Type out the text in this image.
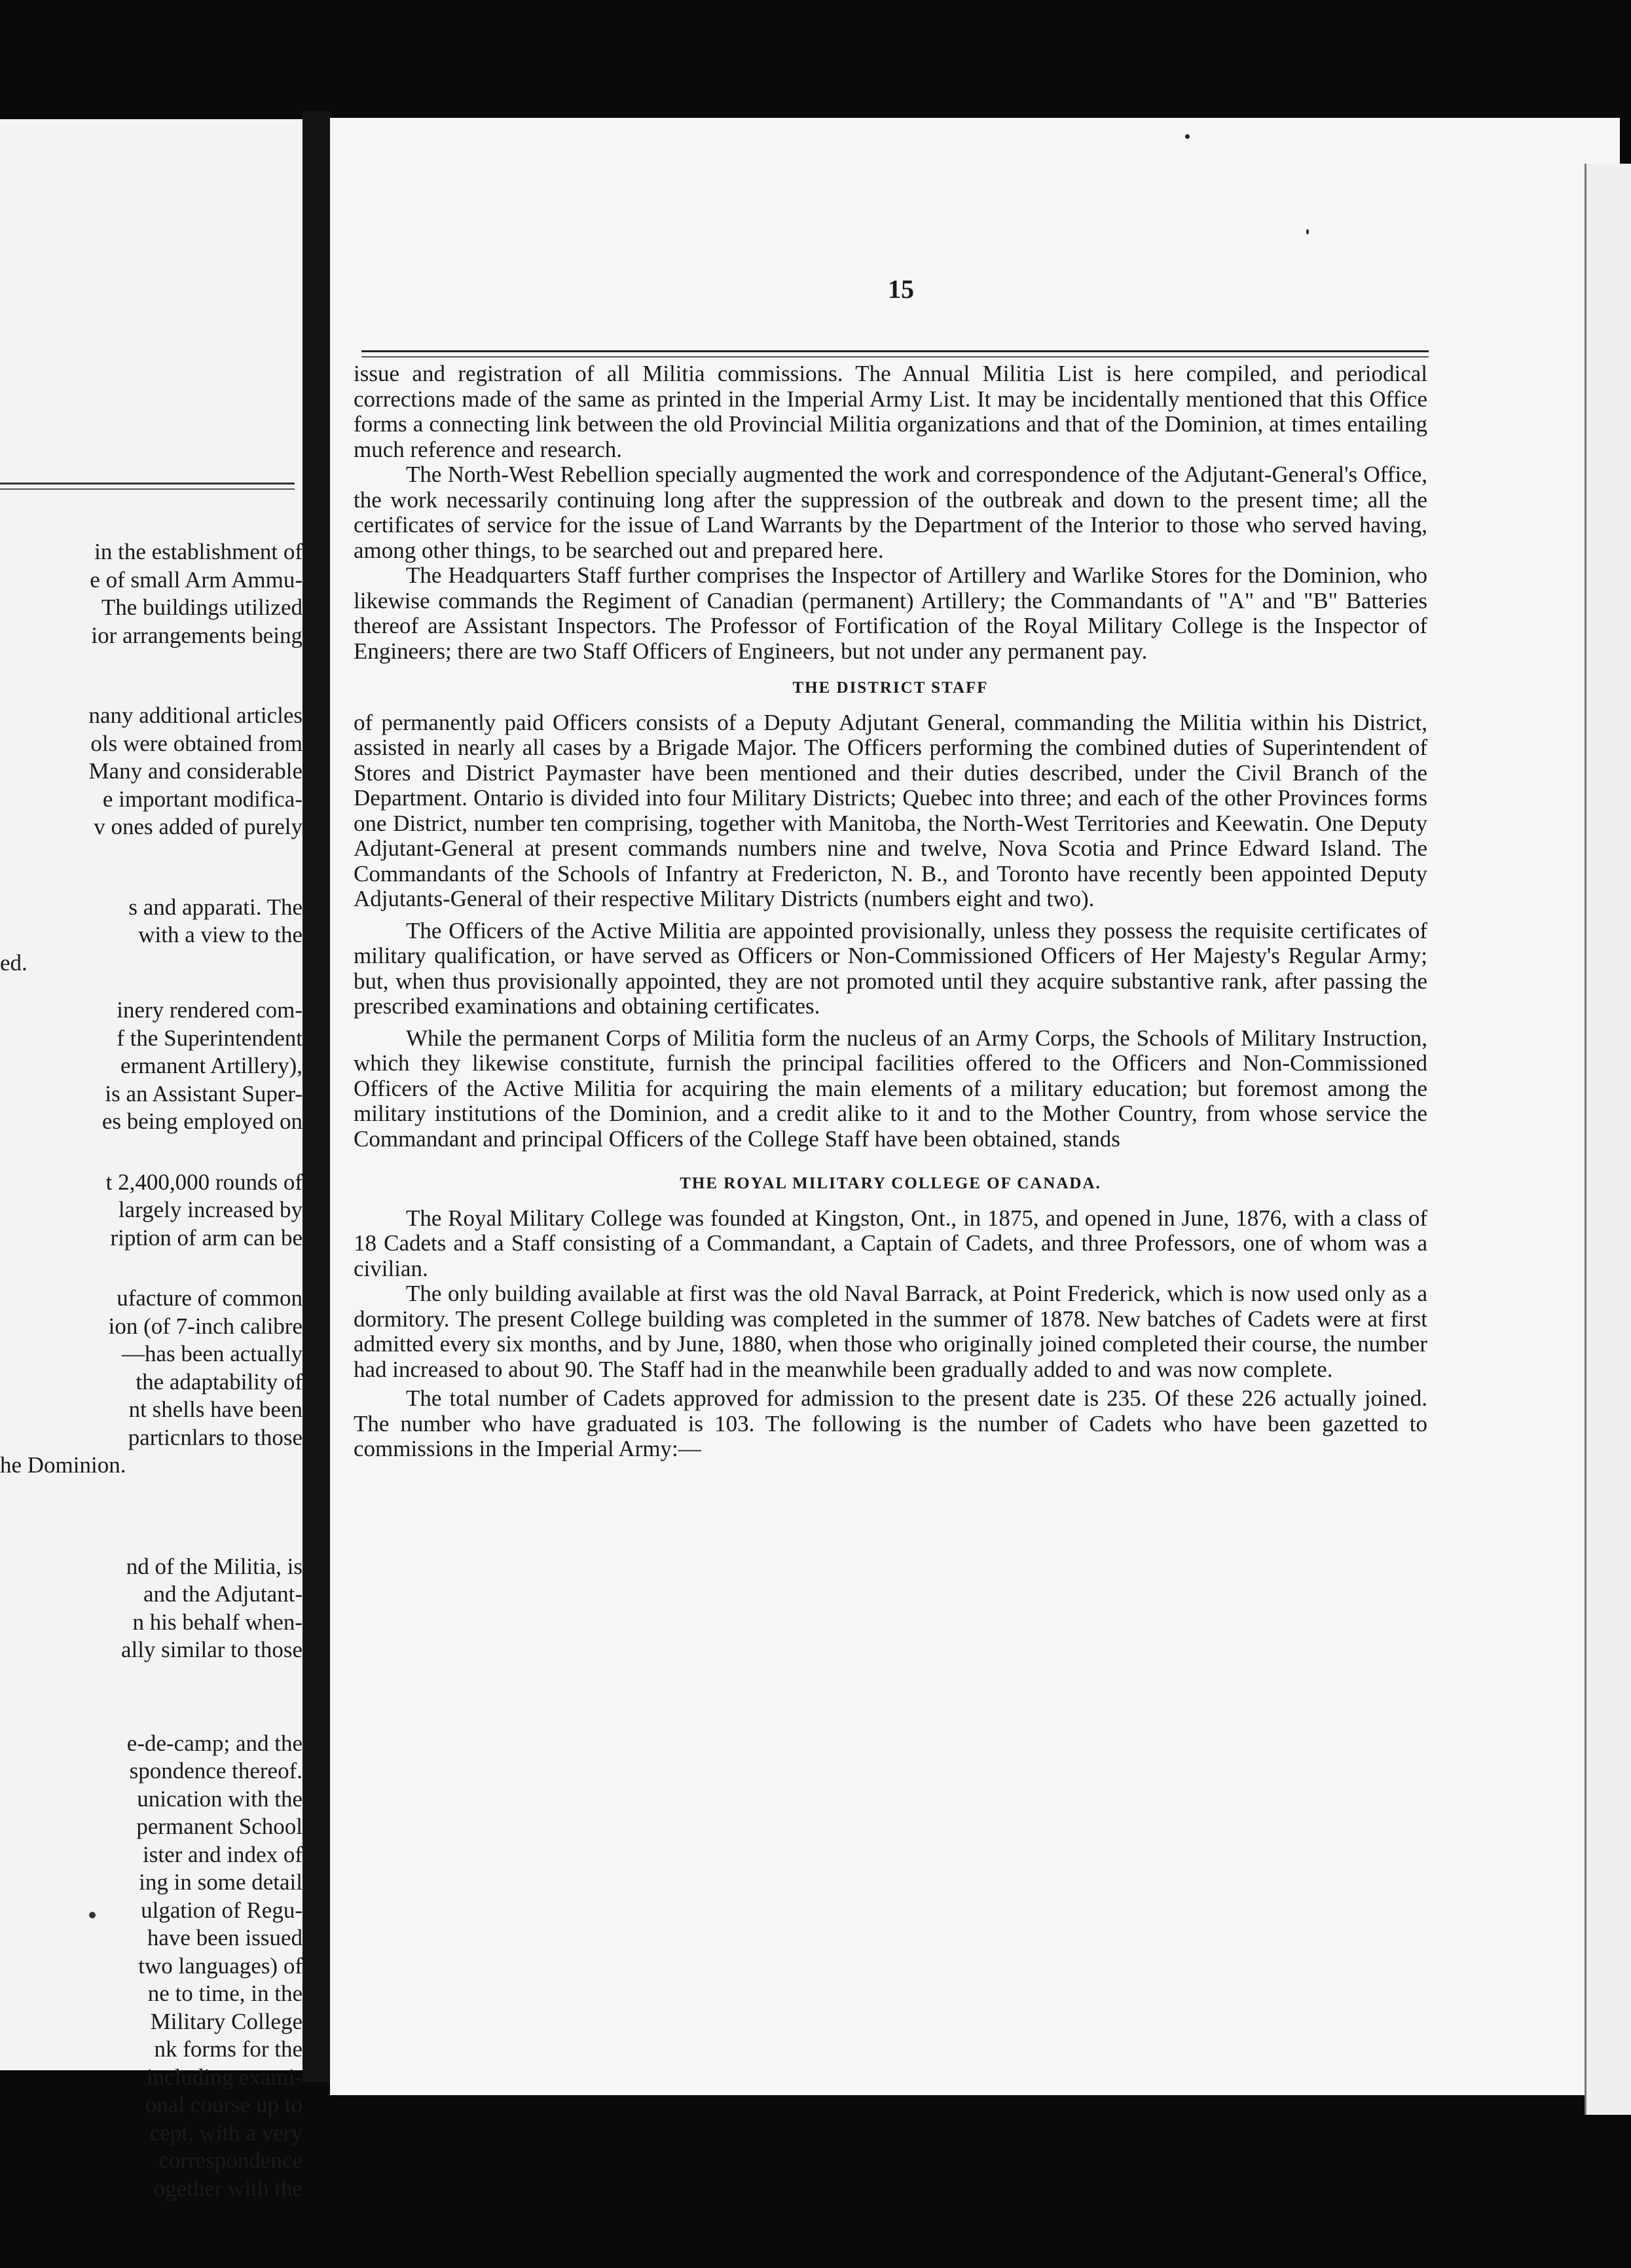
in the establishment of
e of small Arm Ammu-
The buildings utilized
ior arrangements being
nany additional articles
ols were obtained from
Many and considerable
e important modifica-
v ones added of purely
s and apparati. The
with a view to the
ed.
inery rendered com-
f the Superintendent
ermanent Artillery),
is an Assistant Super-
es being employed on
t 2,400,000 rounds of
largely increased by
ription of arm can be
ufacture of common
ion (of 7-inch calibre
—has been actually
the adaptability of
nt shells have been
particnlars to those
he Dominion.
nd of the Militia, is
and the Adjutant-
n his behalf when-
ally similar to those
e-de-camp; and the
spondence thereof.
unication with the
permanent School
ister and index of
ing in some detail
ulgation of Regu-
have been issued
two languages) of
ne to time, in the
Military College
nk forms for the
including exami-
onal course up to
cept, with a very
correspondence
ogether with the
15

issue and registration of all Militia commissions. The Annual Militia List is here compiled, and periodical corrections made of the same as printed in the Imperial Army List. It may be incidentally mentioned that this Office forms a connecting link between the old Provincial Militia organizations and that of the Dominion, at times entailing much reference and research.

The North-West Rebellion specially augmented the work and correspondence of the Adjutant-General's Office, the work necessarily continuing long after the suppression of the outbreak and down to the present time; all the certificates of service for the issue of Land Warrants by the Department of the Interior to those who served having, among other things, to be searched out and prepared here.

The Headquarters Staff further comprises the Inspector of Artillery and Warlike Stores for the Dominion, who likewise commands the Regiment of Canadian (permanent) Artillery; the Commandants of "A" and "B" Batteries thereof are Assistant Inspectors. The Professor of Fortification of the Royal Military College is the Inspector of Engineers; there are two Staff Officers of Engineers, but not under any permanent pay.

THE DISTRICT STAFF

of permanently paid Officers consists of a Deputy Adjutant General, commanding the Militia within his District, assisted in nearly all cases by a Brigade Major. The Officers performing the combined duties of Superintendent of Stores and District Paymaster have been mentioned and their duties described, under the Civil Branch of the Department. Ontario is divided into four Military Districts; Quebec into three; and each of the other Provinces forms one District, number ten comprising, together with Manitoba, the North-West Territories and Keewatin. One Deputy Adjutant-General at present commands numbers nine and twelve, Nova Scotia and Prince Edward Island. The Commandants of the Schools of Infantry at Fredericton, N. B., and Toronto have recently been appointed Deputy Adjutants-General of their respective Military Districts (numbers eight and two).

The Officers of the Active Militia are appointed provisionally, unless they possess the requisite certificates of military qualification, or have served as Officers or Non-Commissioned Officers of Her Majesty's Regular Army; but, when thus provisionally appointed, they are not promoted until they acquire substantive rank, after passing the prescribed examinations and obtaining certificates.

While the permanent Corps of Militia form the nucleus of an Army Corps, the Schools of Military Instruction, which they likewise constitute, furnish the principal facilities offered to the Officers and Non-Commissioned Officers of the Active Militia for acquiring the main elements of a military education; but foremost among the military institutions of the Dominion, and a credit alike to it and to the Mother Country, from whose service the Commandant and principal Officers of the College Staff have been obtained, stands

THE ROYAL MILITARY COLLEGE OF CANADA.

The Royal Military College was founded at Kingston, Ont., in 1875, and opened in June, 1876, with a class of 18 Cadets and a Staff consisting of a Commandant, a Captain of Cadets, and three Professors, one of whom was a civilian.

The only building available at first was the old Naval Barrack, at Point Frederick, which is now used only as a dormitory. The present College building was completed in the summer of 1878. New batches of Cadets were at first admitted every six months, and by June, 1880, when those who originally joined completed their course, the number had increased to about 90. The Staff had in the meanwhile been gradually added to and was now complete.

The total number of Cadets approved for admission to the present date is 235. Of these 226 actually joined. The number who have graduated is 103. The following is the number of Cadets who have been gazetted to commissions in the Imperial Army:—
